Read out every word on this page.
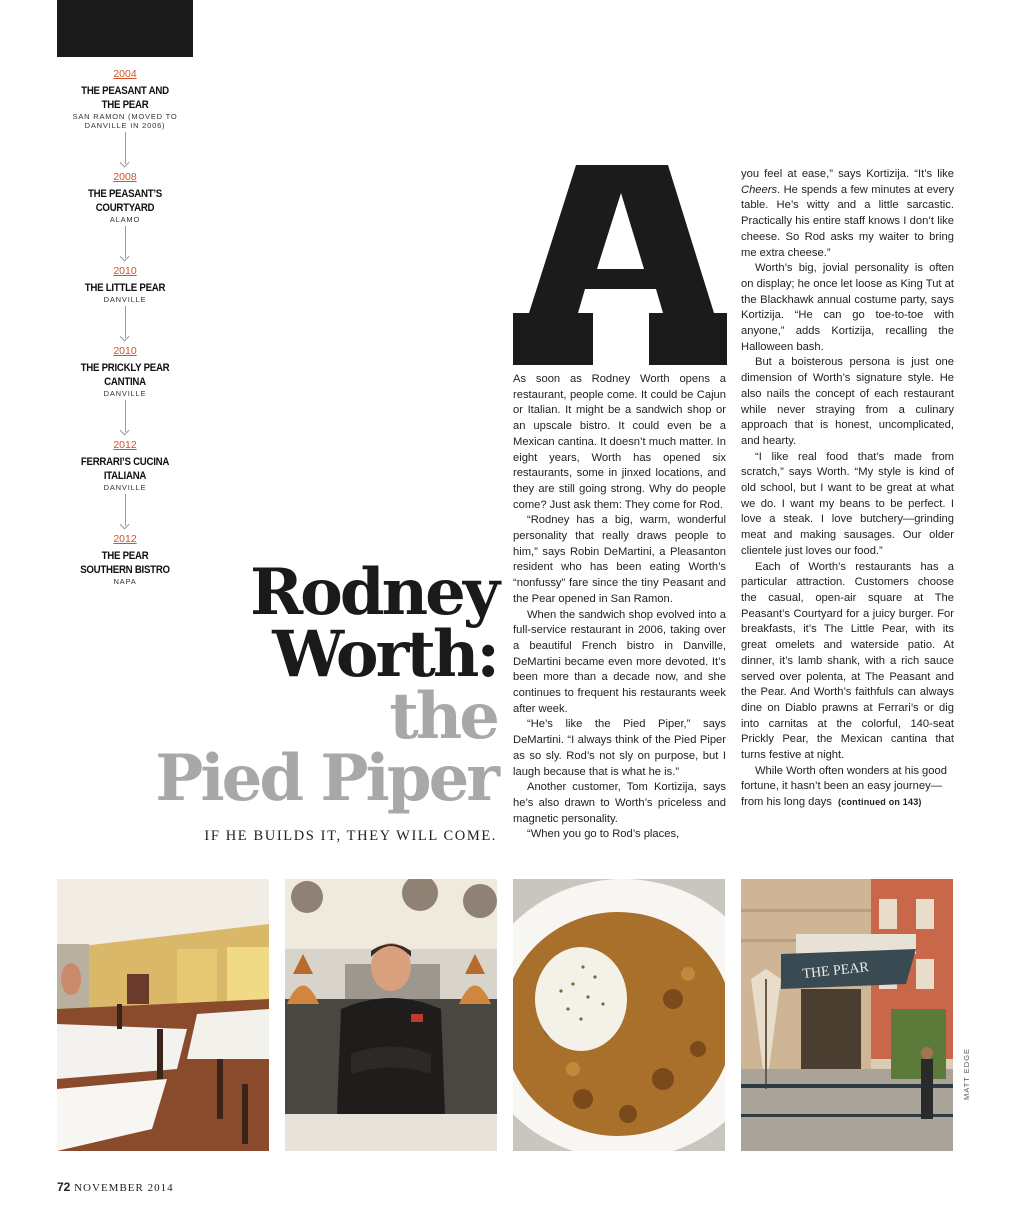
2004
THE PEASANT AND THE PEAR
SAN RAMON (MOVED TO DANVILLE IN 2006)
2008
THE PEASANT’S COURTYARD
ALAMO
2010
THE LITTLE PEAR
DANVILLE
2010
THE PRICKLY PEAR CANTINA
DANVILLE
2012
FERRARI’S CUCINA ITALIANA
DANVILLE
2012
THE PEAR SOUTHERN BISTRO
NAPA	Rodney
Worth:
the
Pied Piper
IF HE BUILDS IT, THEY WILL COME.

As soon as Rodney Worth opens a restaurant, people come. It could be Cajun or Italian. It might be a sandwich shop or an upscale bistro. It could even be a Mexican cantina. It doesn’t much matter. In eight years, Worth has opened six restaurants, some in jinxed locations, and they are still going strong. Why do people come? Just ask them: They come for Rod.

“Rodney has a big, warm, wonderful personality that really draws people to him,” says Robin DeMartini, a Pleasanton resident who has been eating Worth’s “nonfussy” fare since the tiny Peasant and the Pear opened in San Ramon.

When the sandwich shop evolved into a full-service restaurant in 2006, taking over a beautiful French bistro in Danville, DeMartini became even more devoted. It’s been more than a decade now, and she continues to frequent his restaurants week after week.

“He’s like the Pied Piper,” says DeMartini. “I always think of the Pied Piper as so sly. Rod’s not sly on purpose, but I laugh because that is what he is.”

Another customer, Tom Kortizija, says he’s also drawn to Worth’s priceless and magnetic personality.

“When you go to Rod’s places,

you feel at ease,” says Kortizija. “It’s like Cheers. He spends a few minutes at every table. He’s witty and a little sarcastic. Practically his entire staff knows I don’t like cheese. So Rod asks my waiter to bring me extra cheese.”

Worth’s big, jovial personality is often on display; he once let loose as King Tut at the Blackhawk annual costume party, says Kortizija. “He can go toe-to-toe with anyone,” adds Kortizija, recalling the Halloween bash.

But a boisterous persona is just one dimension of Worth’s signature style. He also nails the concept of each restaurant while never straying from a culinary approach that is honest, uncomplicated, and hearty.

“I like real food that’s made from scratch,” says Worth. “My style is kind of old school, but I want to be great at what we do. I want my beans to be perfect. I love a steak. I love butchery—grinding meat and making sausages. Our older clientele just loves our food.”

Each of Worth’s restaurants has a particular attraction. Customers choose the casual, open-air square at The Peasant’s Courtyard for a juicy burger. For breakfasts, it’s The Little Pear, with its great omelets and waterside patio. At dinner, it’s lamb shank, with a rich sauce served over polenta, at The Peasant and the Pear. And Worth’s faithfuls can always dine on Diablo prawns at Ferrari’s or dig into carnitas at the colorful, 140-seat Prickly Pear, the Mexican cantina that turns festive at night.

While Worth often wonders at his good fortune, it hasn’t been an easy journey—from his long days (continued on 143)

THE PEAR
MATT EDGE
72 NOVEMBER 2014
